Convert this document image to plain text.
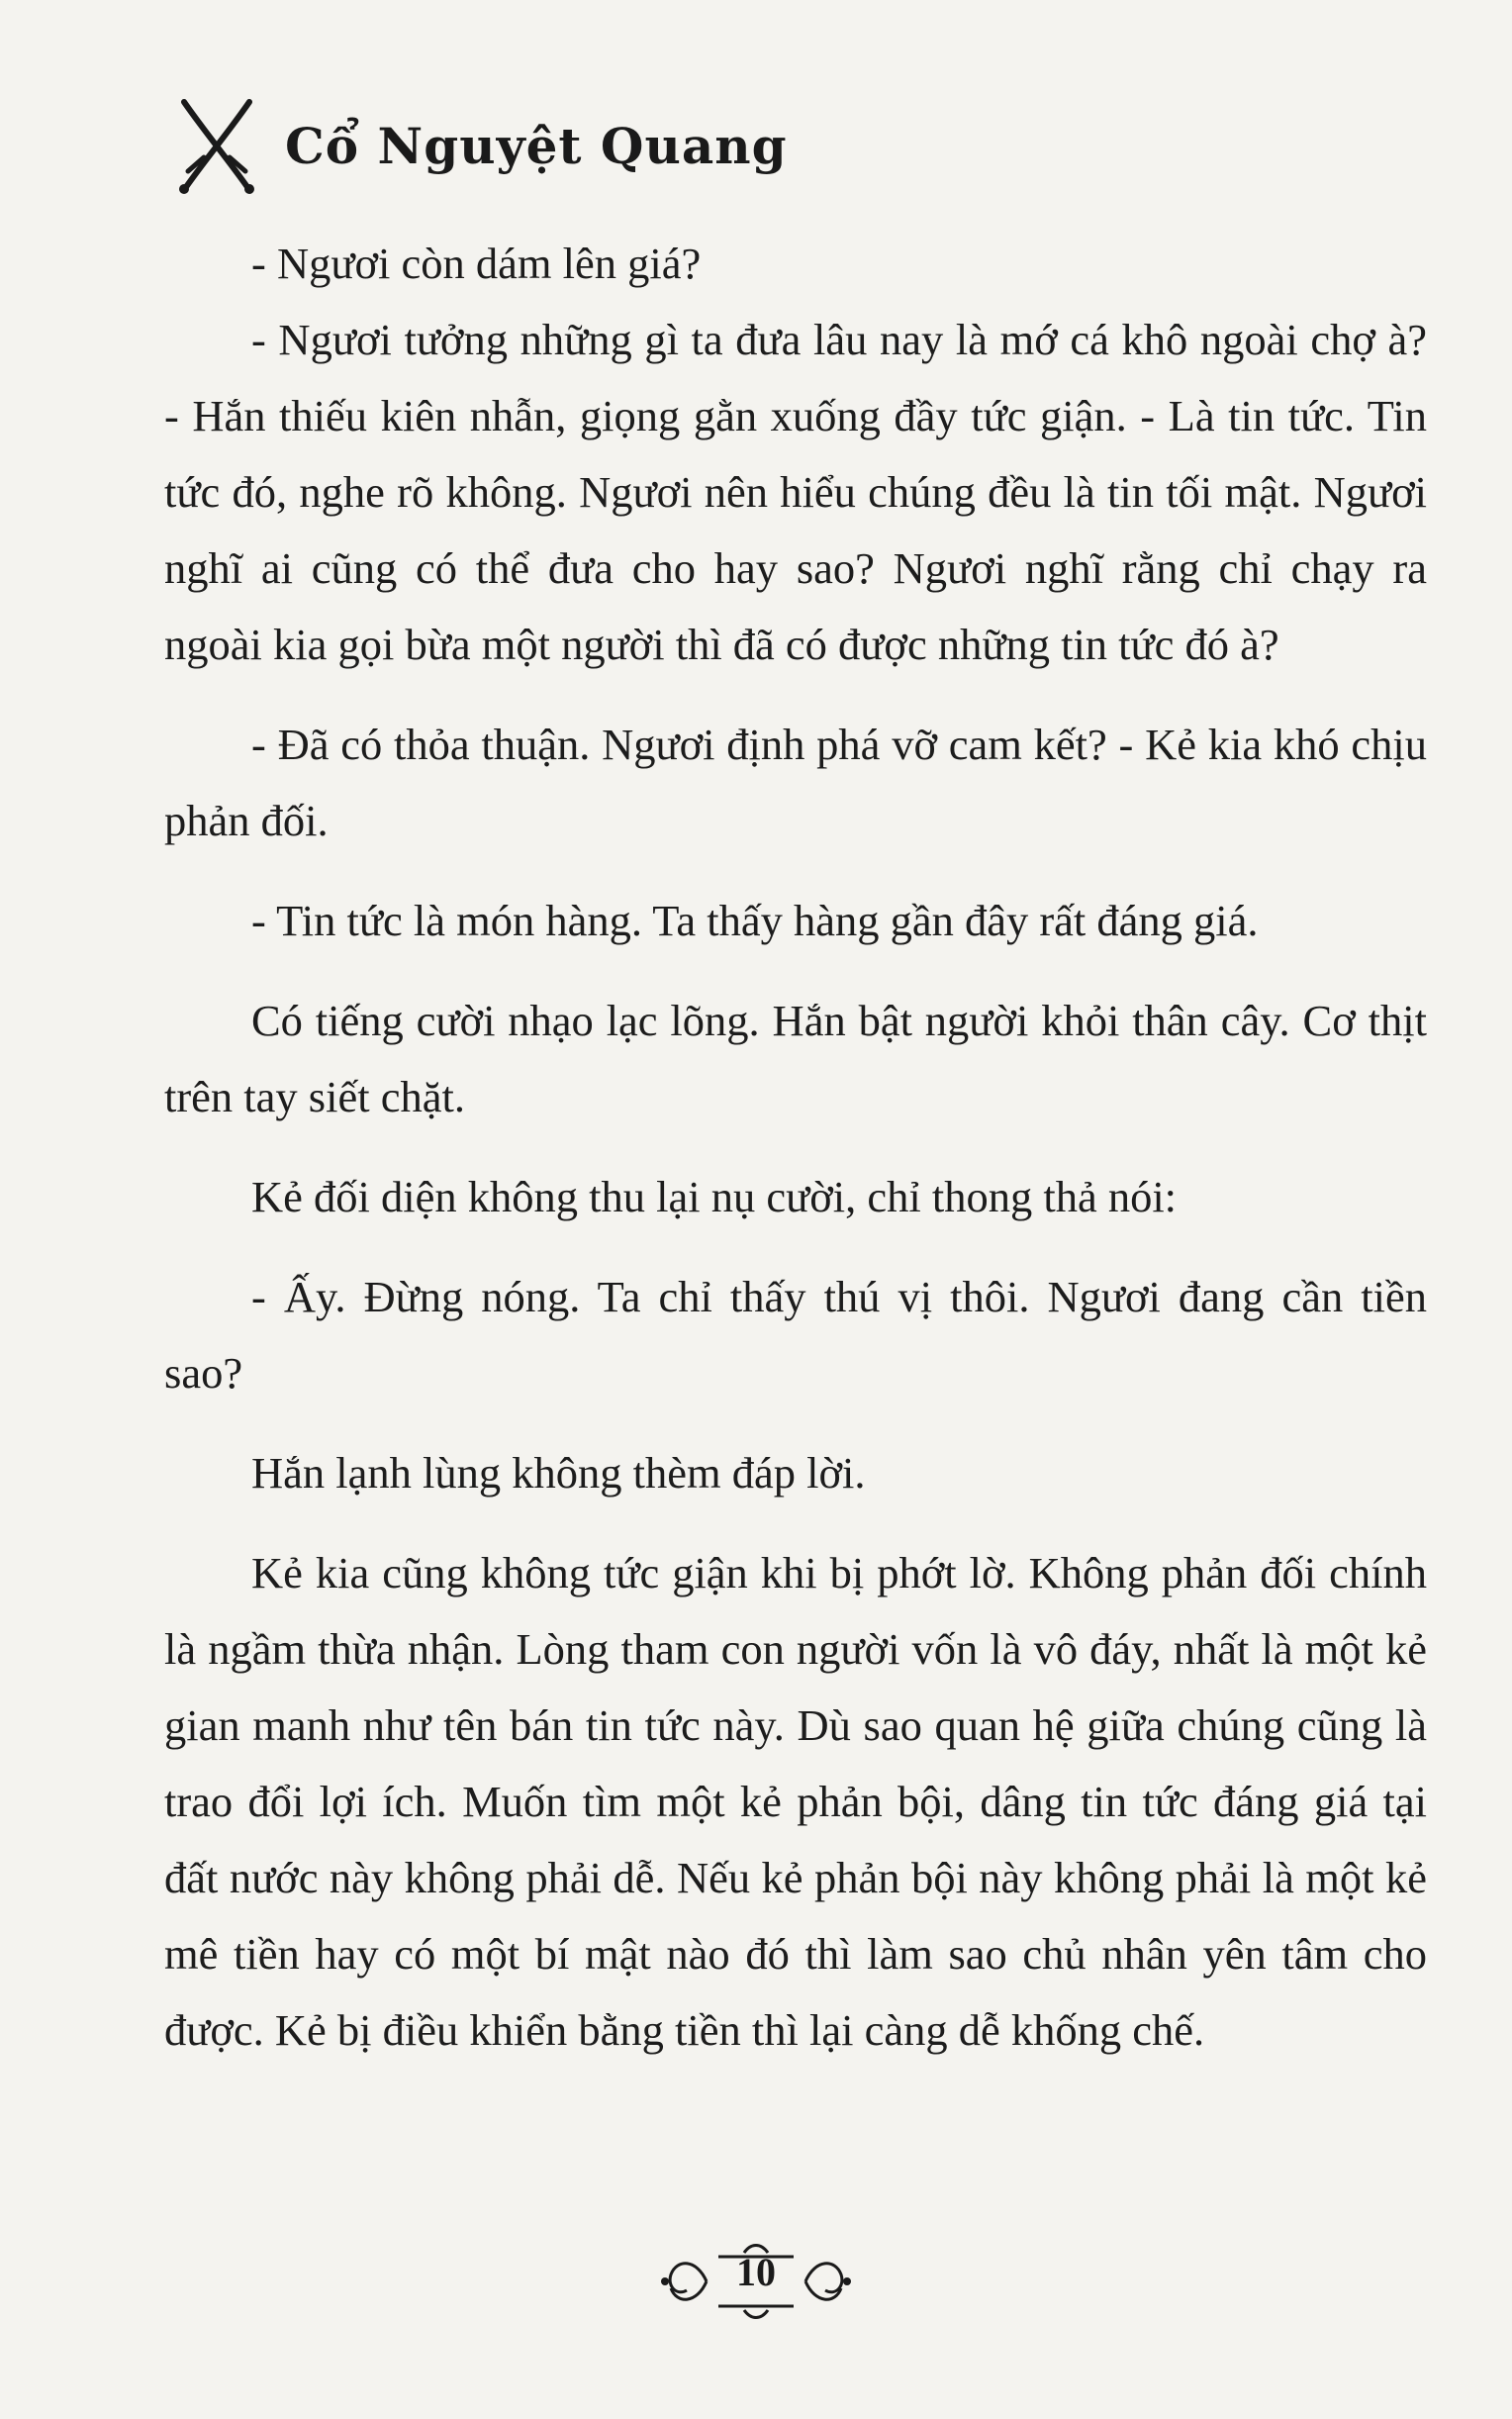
Cổ Nguyệt Quang

- Ngươi còn dám lên giá?

- Ngươi tưởng những gì ta đưa lâu nay là mớ cá khô ngoài chợ à? - Hắn thiếu kiên nhẫn, giọng gằn xuống đầy tức giận. - Là tin tức. Tin tức đó, nghe rõ không. Ngươi nên hiểu chúng đều là tin tối mật. Ngươi nghĩ ai cũng có thể đưa cho hay sao? Ngươi nghĩ rằng chỉ chạy ra ngoài kia gọi bừa một người thì đã có được những tin tức đó à?

- Đã có thỏa thuận. Ngươi định phá vỡ cam kết? - Kẻ kia khó chịu phản đối.

- Tin tức là món hàng. Ta thấy hàng gần đây rất đáng giá.

Có tiếng cười nhạo lạc lõng. Hắn bật người khỏi thân cây. Cơ thịt trên tay siết chặt.

Kẻ đối diện không thu lại nụ cười, chỉ thong thả nói:

- Ấy. Đừng nóng. Ta chỉ thấy thú vị thôi. Ngươi đang cần tiền sao?

Hắn lạnh lùng không thèm đáp lời.

Kẻ kia cũng không tức giận khi bị phớt lờ. Không phản đối chính là ngầm thừa nhận. Lòng tham con người vốn là vô đáy, nhất là một kẻ gian manh như tên bán tin tức này. Dù sao quan hệ giữa chúng cũng là trao đổi lợi ích. Muốn tìm một kẻ phản bội, dâng tin tức đáng giá tại đất nước này không phải dễ. Nếu kẻ phản bội này không phải là một kẻ mê tiền hay có một bí mật nào đó thì làm sao chủ nhân yên tâm cho được. Kẻ bị điều khiển bằng tiền thì lại càng dễ khống chế.

10
